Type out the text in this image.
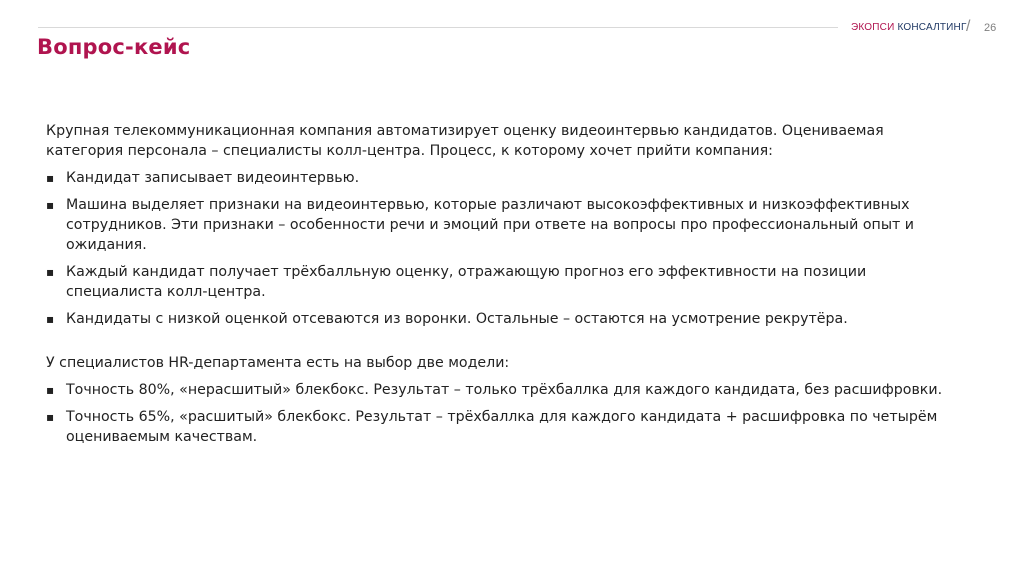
ЭКОПСИ КОНСАЛТИНГ / 26
Вопрос-кейс

Крупная телекоммуникационная компания автоматизирует оценку видеоинтервью кандидатов. Оцениваемая категория персонала – специалисты колл-центра. Процесс, к которому хочет прийти компания:

▪ Кандидат записывает видеоинтервью.
▪ Машина выделяет признаки на видеоинтервью, которые различают высокоэффективных и низкоэффективных сотрудников. Эти признаки – особенности речи и эмоций при ответе на вопросы про профессиональный опыт и ожидания.
▪ Каждый кандидат получает трёхбалльную оценку, отражающую прогноз его эффективности на позиции специалиста колл-центра.
▪ Кандидаты с низкой оценкой отсеваются из воронки. Остальные – остаются на усмотрение рекрутёра.

У специалистов HR-департамента есть на выбор две модели:

▪ Точность 80%, «нерасшитый» блекбокс. Результат – только трёхбаллка для каждого кандидата, без расшифровки.
▪ Точность 65%, «расшитый» блекбокс. Результат – трёхбаллка для каждого кандидата + расшифровка по четырём оцениваемым качествам.
